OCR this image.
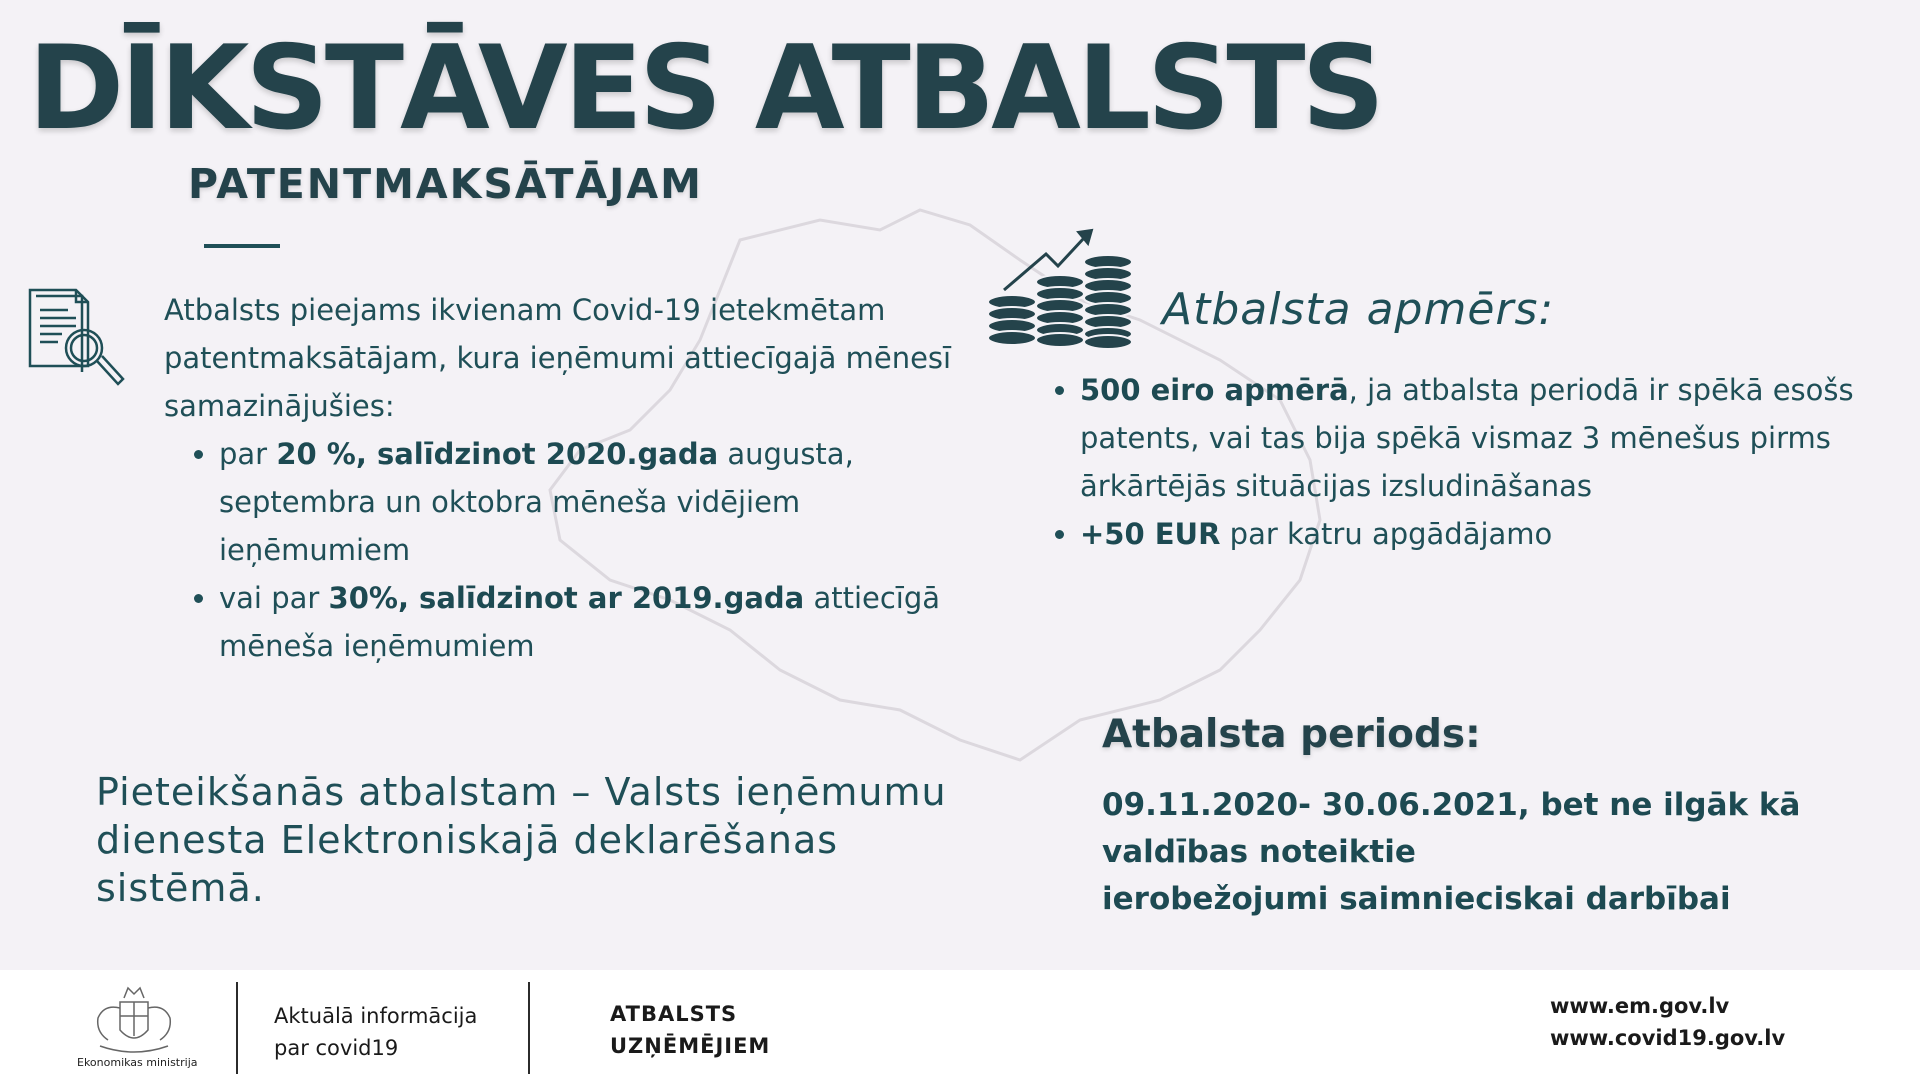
DĪKSTĀVES ATBALSTS
PATENTMAKSĀTĀJAM

Atbalsts pieejams ikvienam Covid-19 ietekmētam patentmaksātājam, kura ieņēmumi attiecīgajā mēnesī samazinājušies:

• par 20 %, salīdzinot 2020.gada augusta, septembra un oktobra mēneša vidējiem ieņēmumiem
• vai par 30%, salīdzinot ar 2019.gada attiecīgā mēneša ieņēmumiem
Atbalsta apmērs:
• 500 eiro apmērā, ja atbalsta periodā ir spēkā esošs patents, vai tas bija spēkā vismaz 3 mēnešus pirms ārkārtējās situācijas izsludināšanas
• +50 EUR par katru apgādājamo

Pieteikšanās atbalstam – Valsts ieņēmumu dienesta Elektroniskajā deklarēšanas sistēmā.

Atbalsta periods:

09.11.2020- 30.06.2021, bet ne ilgāk kā
valdības noteiktie
ierobežojumi saimnieciskai darbībai

Ekonomikas ministrija
Aktuālā informācija
par covid19
ATBALSTS
UZŅĒMĒJIEM
www.em.gov.lv
www.covid19.gov.lv
